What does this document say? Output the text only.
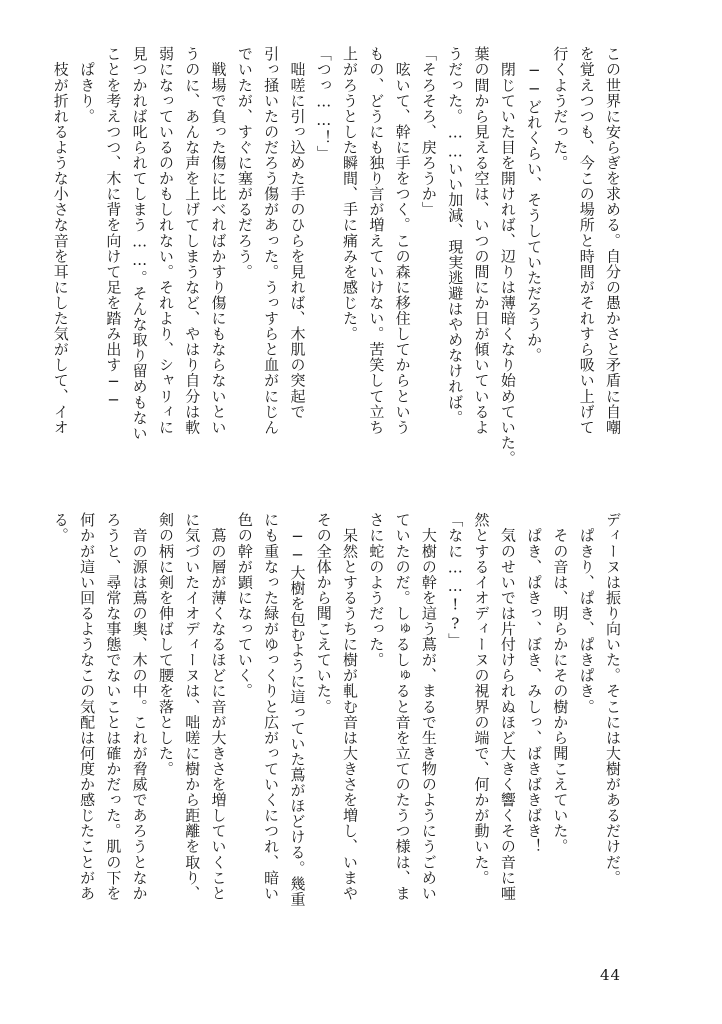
この世界に安らぎを求める。自分の愚かさと矛盾に自嘲
を覚えつつも、今この場所と時間がそれすら吸い上げて
行くようだった。
　──どれくらい、そうしていただろうか。
　閉じていた目を開ければ、辺りは薄暗くなり始めていた。
葉の間から見える空は、いつの間にか日が傾いているよ
うだった。……いい加減、現実逃避はやめなければ。
「そろそろ、戻ろうか」
　呟いて、幹に手をつく。この森に移住してからという
もの、どうにも独り言が増えていけない。苦笑して立ち
上がろうとした瞬間、手に痛みを感じた。
「つっ……！」
　咄嗟に引っ込めた手のひらを見れば、木肌の突起で
引っ掻いたのだろう傷があった。うっすらと血がにじん
でいたが、すぐに塞がるだろう。
　戦場で負った傷に比べればかすり傷にもならないとい
うのに、あんな声を上げてしまうなど、やはり自分は軟
弱になっているのかもしれない。それより、シャリィに
見つかれば叱られてしまう……。そんな取り留めもない
ことを考えつつ、木に背を向けて足を踏み出す──
　ぱきり。
　枝が折れるような小さな音を耳にした気がして、イオ
ディーヌは振り向いた。そこには大樹があるだけだ。
　ぱきり、ぱき、ぱきぱき。
　その音は、明らかにその樹から聞こえていた。
　ぱき、ぱきっ、ぼき、みしっ、ばきばきばき！
　気のせいでは片付けられぬほど大きく響くその音に唖
然とするイオディーヌの視界の端で、何かが動いた。
「なに……!?」
　大樹の幹を這う蔦が、まるで生き物のようにうごめい
ていたのだ。しゅるしゅると音を立てのたうつ様は、ま
さに蛇のようだった。
　呆然とするうちに樹が軋む音は大きさを増し、いまや
その全体から聞こえていた。
　──大樹を包むように這っていた蔦がほどける。幾重
にも重なった緑がゆっくりと広がっていくにつれ、暗い
色の幹が顕になっていく。
　蔦の層が薄くなるほどに音が大きさを増していくこと
に気づいたイオディーヌは、咄嗟に樹から距離を取り、
剣の柄に剣を伸ばして腰を落とした。
　音の源は蔦の奥、木の中。これが脅威であろうとなか
ろうと、尋常な事態でないことは確かだった。肌の下を
何かが這い回るようなこの気配は何度か感じたことがあ
る。
44
